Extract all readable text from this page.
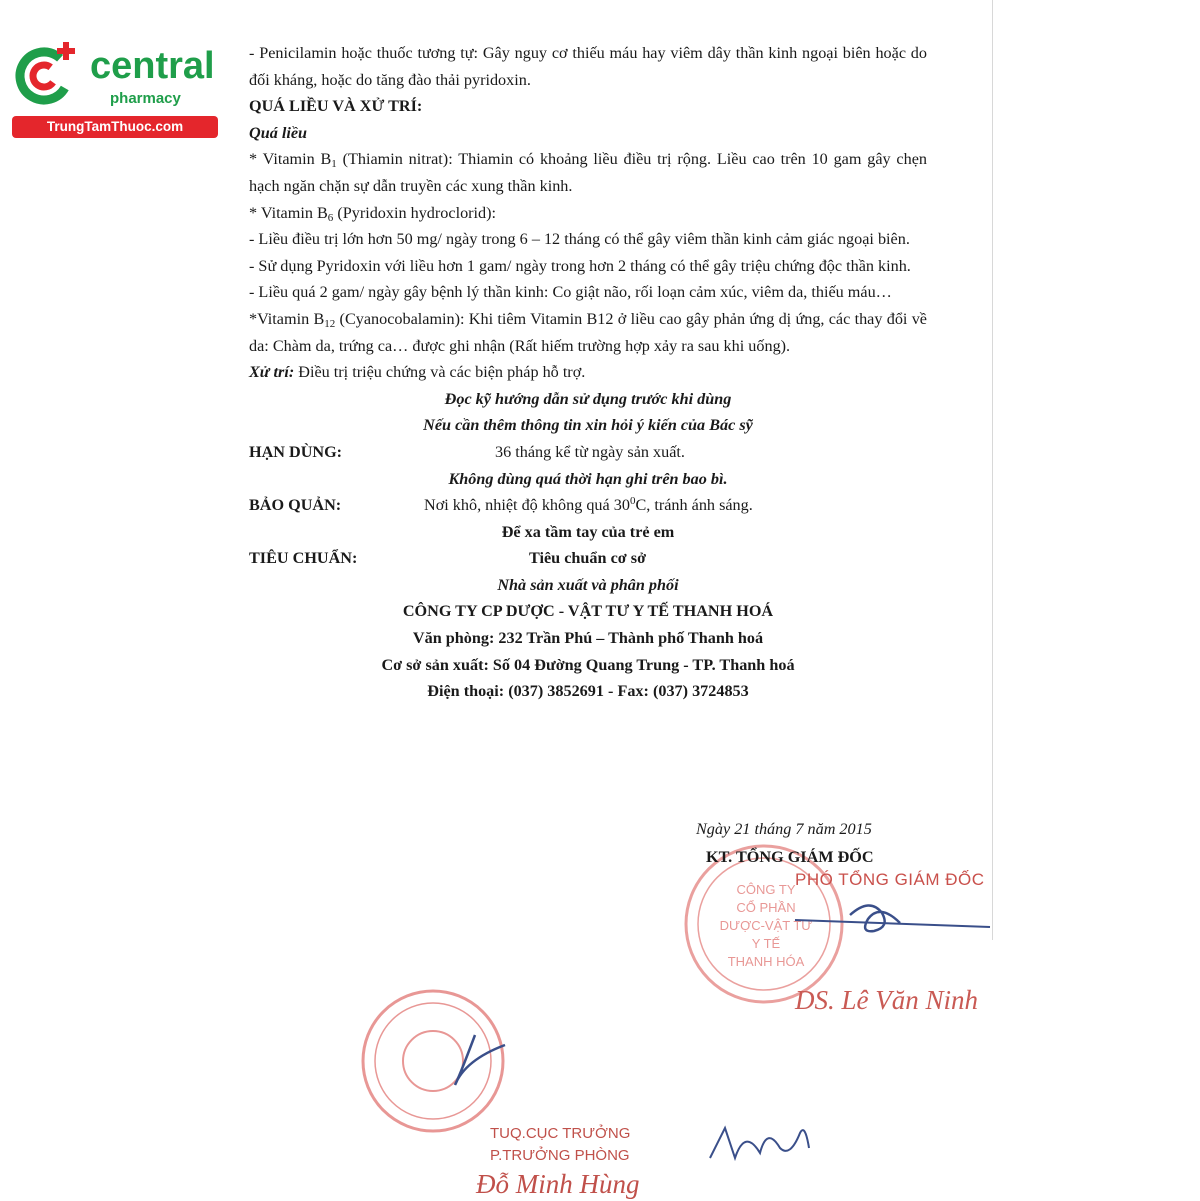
central
pharmacy
TrungTamThuoc.com

- Penicilamin hoặc thuốc tương tự: Gây nguy cơ thiếu máu hay viêm dây thần kinh ngoại biên hoặc do đối kháng, hoặc do tăng đào thải pyridoxin.

QUÁ LIỀU VÀ XỬ TRÍ:

Quá liều

* Vitamin $B_1$ (Thiamin nitrat): Thiamin có khoảng liều điều trị rộng. Liều cao trên 10 gam gây chẹn hạch ngăn chặn sự dẫn truyền các xung thần kinh.

* Vitamin $B_6$ (Pyridoxin hydroclorid):

- Liều điều trị lớn hơn 50 mg/ ngày trong 6 – 12 tháng có thể gây viêm thần kinh cảm giác ngoại biên.

- Sử dụng Pyridoxin với liều hơn 1 gam/ ngày trong hơn 2 tháng có thể gây triệu chứng độc thần kinh.

- Liều quá 2 gam/ ngày gây bệnh lý thần kinh: Co giật não, rối loạn cảm xúc, viêm da, thiếu máu…

*Vitamin $B_{12}$ (Cyanocobalamin): Khi tiêm Vitamin B12 ở liều cao gây phản ứng dị ứng, các thay đổi về da: Chàm da, trứng ca… được ghi nhận (Rất hiếm trường hợp xảy ra sau khi uống).

Xử trí: Điều trị triệu chứng và các biện pháp hỗ trợ.

Đọc kỹ hướng dẫn sử dụng trước khi dùng

Nếu cần thêm thông tin xin hỏi ý kiến của Bác sỹ

HẠN DÙNG:	36 tháng kể từ ngày sản xuất.

Không dùng quá thời hạn ghi trên bao bì.

BẢO QUẢN:	Nơi khô, nhiệt độ không quá $30^0C$, tránh ánh sáng.

Để xa tầm tay của trẻ em

TIÊU CHUẨN:	Tiêu chuẩn cơ sở

Nhà sản xuất và phân phối

CÔNG TY CP DƯỢC - VẬT TƯ Y TẾ THANH HOÁ

Văn phòng: 232 Trần Phú – Thành phố Thanh hoá

Cơ sở sản xuất: Số 04 Đường Quang Trung - TP. Thanh hoá

Điện thoại: (037) 3852691 - Fax: (037) 3724853

Ngày 21 tháng 7 năm 2015
CÔNG TY
CỔ PHẦN
DƯỢC-VẬT TƯ
Y TẾ
THANH HÓA
KT. TỔNG GIÁM ĐỐC
PHÓ TỔNG GIÁM ĐỐC
DS. Lê Văn Ninh
TUQ.CỤC TRƯỞNG
P.TRƯỞNG PHÒNG
Đỗ Minh Hùng
